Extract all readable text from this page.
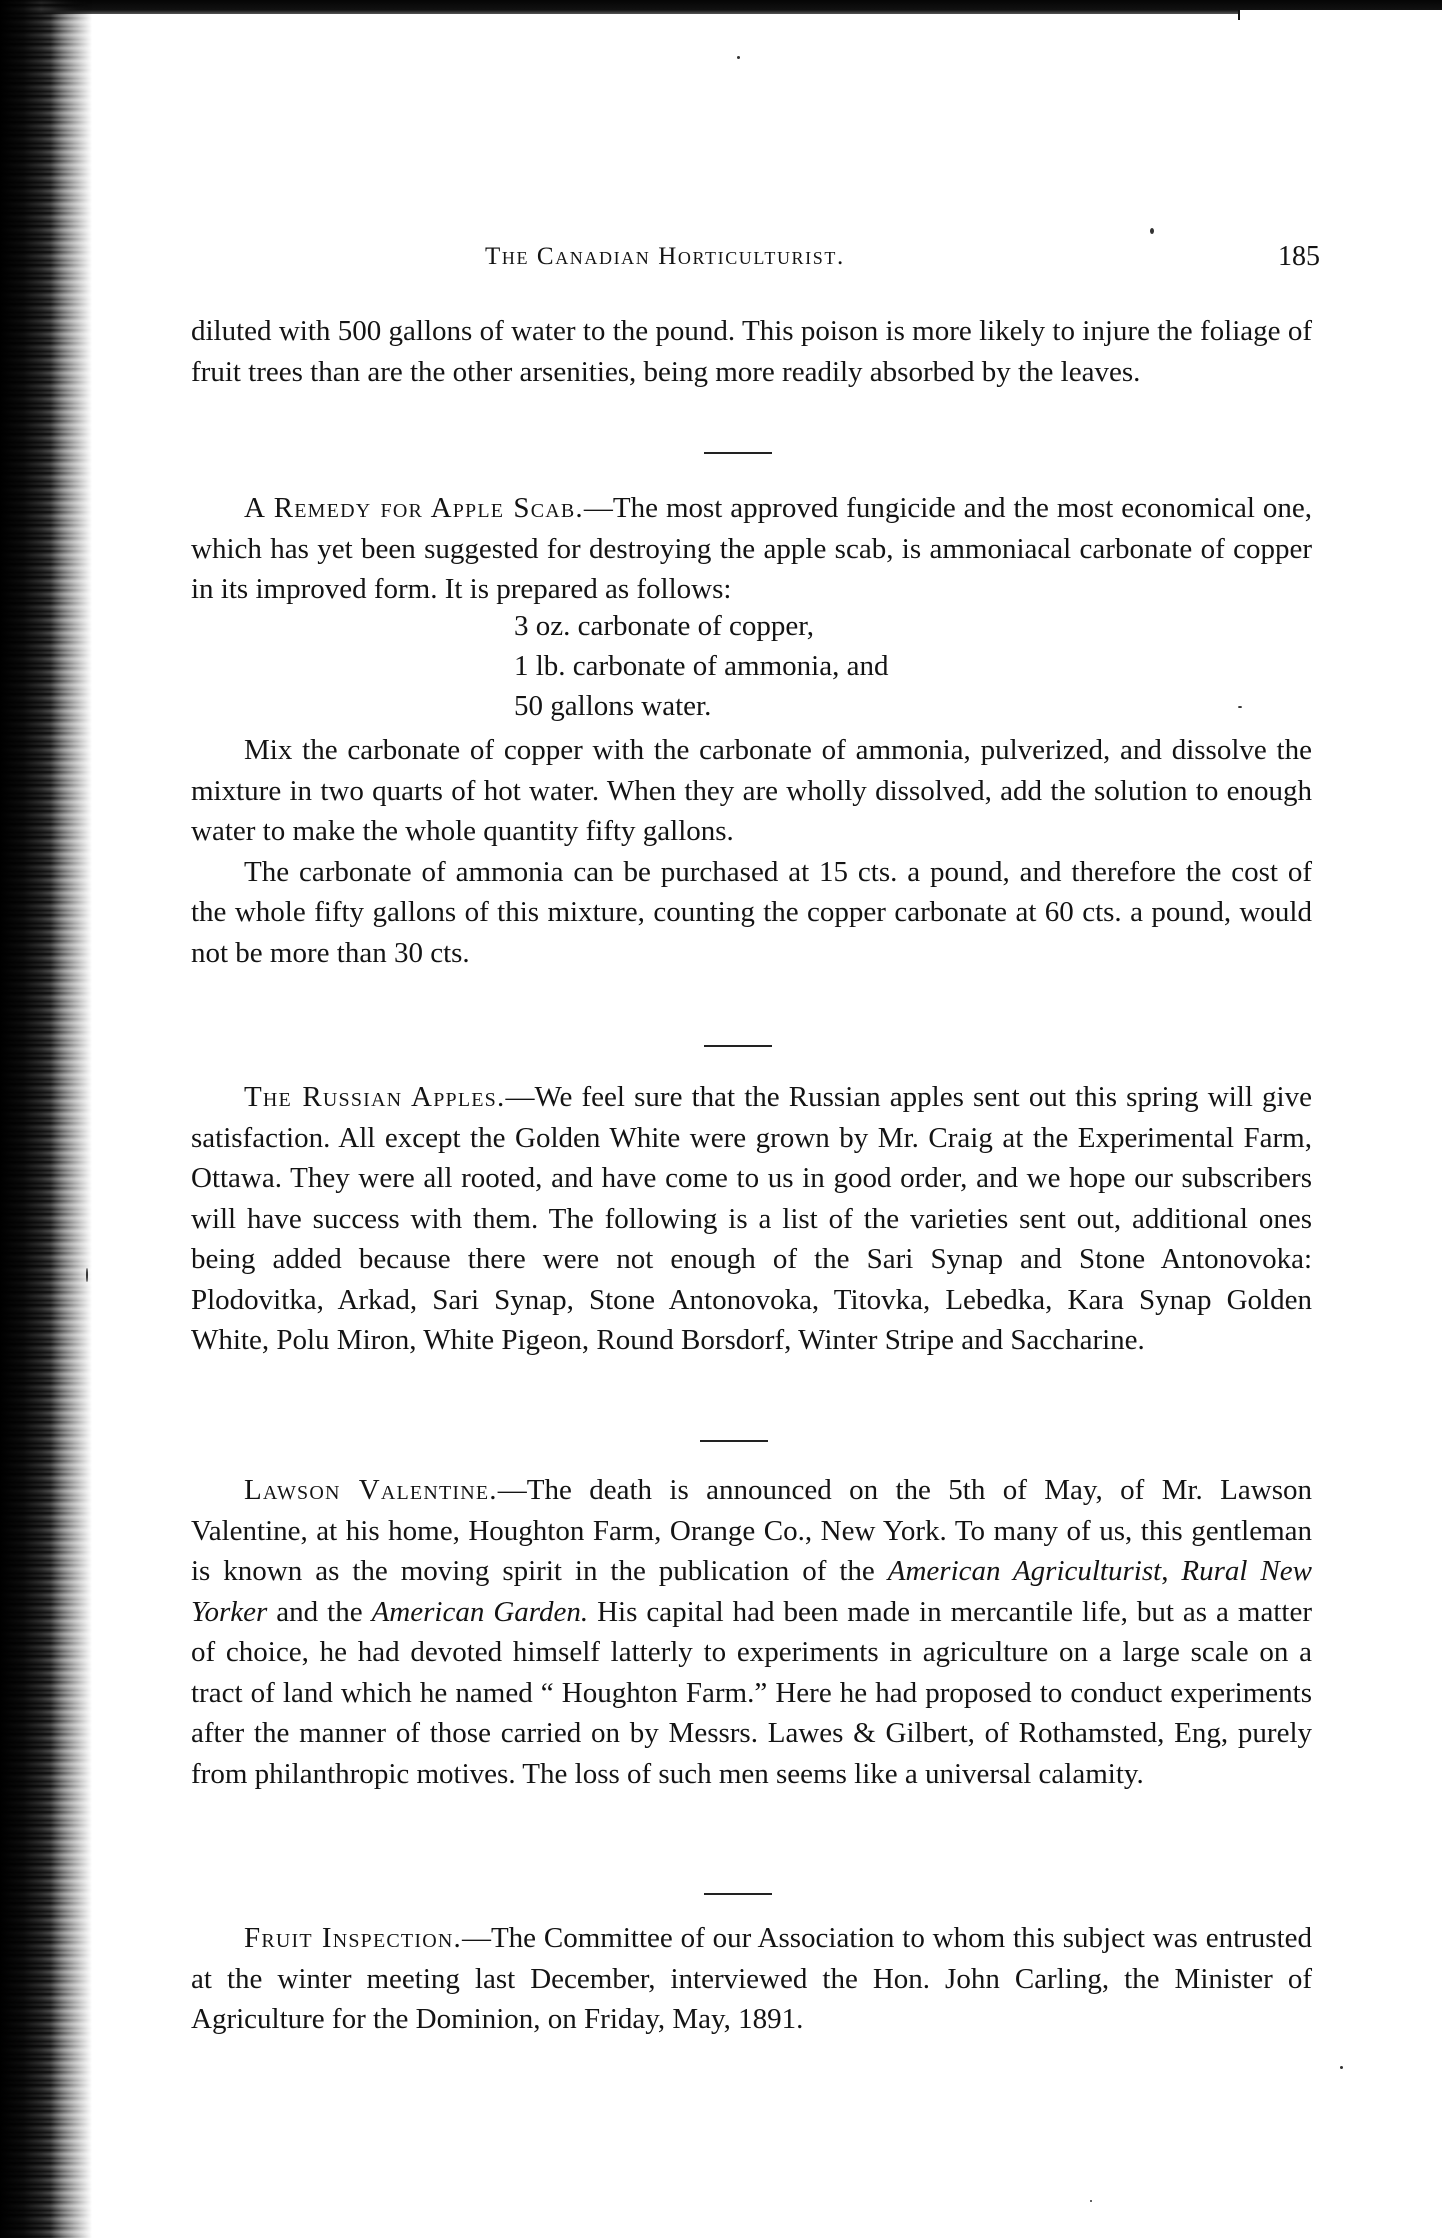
The Canadian Horticulturist.	185

diluted with 500 gallons of water to the pound. This poison is more likely to injure the foliage of fruit trees than are the other arsenities, being more readily absorbed by the leaves.

A Remedy for Apple Scab.—The most approved fungicide and the most economical one, which has yet been suggested for destroying the apple scab, is ammoniacal carbonate of copper in its improved form. It is prepared as follows:

3 oz. carbonate of copper,
1 lb. carbonate of ammonia, and
50 gallons water.

Mix the carbonate of copper with the carbonate of ammonia, pulverized, and dissolve the mixture in two quarts of hot water. When they are wholly dissolved, add the solution to enough water to make the whole quantity fifty gallons.

The carbonate of ammonia can be purchased at 15 cts. a pound, and therefore the cost of the whole fifty gallons of this mixture, counting the copper carbonate at 60 cts. a pound, would not be more than 30 cts.

The Russian Apples.—We feel sure that the Russian apples sent out this spring will give satisfaction. All except the Golden White were grown by Mr. Craig at the Experimental Farm, Ottawa. They were all rooted, and have come to us in good order, and we hope our subscribers will have success with them. The following is a list of the varieties sent out, additional ones being added because there were not enough of the Sari Synap and Stone Antonovoka: Plodovitka, Arkad, Sari Synap, Stone Antonovoka, Titovka, Lebedka, Kara Synap Golden White, Polu Miron, White Pigeon, Round Borsdorf, Winter Stripe and Saccharine.

Lawson Valentine.—The death is announced on the 5th of May, of Mr. Lawson Valentine, at his home, Houghton Farm, Orange Co., New York. To many of us, this gentleman is known as the moving spirit in the publication of the American Agriculturist, Rural New Yorker and the American Garden. His capital had been made in mercantile life, but as a matter of choice, he had devoted himself latterly to experiments in agriculture on a large scale on a tract of land which he named “ Houghton Farm.” Here he had proposed to conduct experiments after the manner of those carried on by Messrs. Lawes & Gilbert, of Rothamsted, Eng, purely from philanthropic motives. The loss of such men seems like a universal calamity.

Fruit Inspection.—The Committee of our Association to whom this subject was entrusted at the winter meeting last December, interviewed the Hon. John Carling, the Minister of Agriculture for the Dominion, on Friday, May, 1891.
